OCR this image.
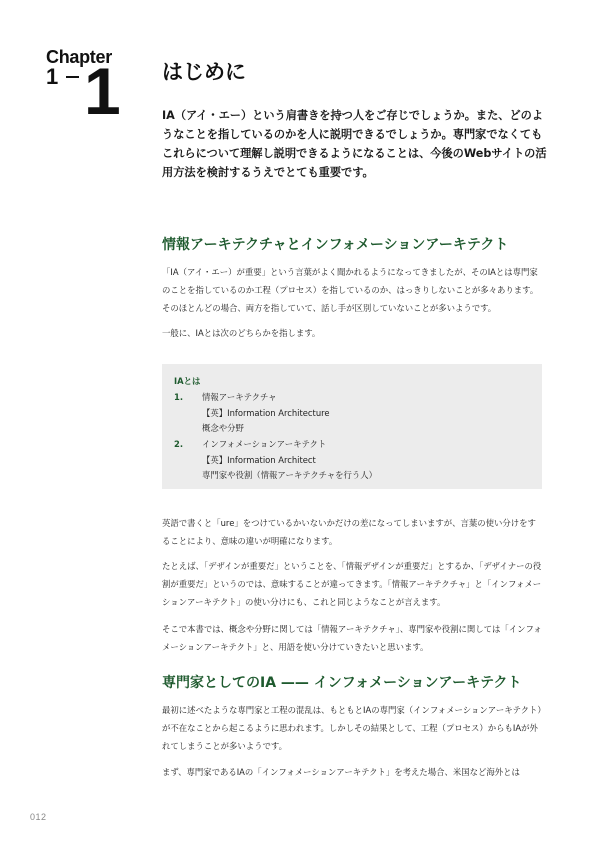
Chapter
1 1 はじめに

IA（アイ・エー）という肩書きを持つ人をご存じでしょうか。また、どのようなことを指しているのかを人に説明できるでしょうか。専門家でなくてもこれらについて理解し説明できるようになることは、今後のWebサイトの活用方法を検討するうえでとても重要です。

情報アーキテクチャとインフォメーションアーキテクト

「IA（アイ・エー）が重要」という言葉がよく聞かれるようになってきましたが、そのIAとは専門家のことを指しているのか工程（プロセス）を指しているのか、はっきりしないことが多々あります。そのほとんどの場合、両方を指していて、話し手が区別していないことが多いようです。

一般に、IAとは次のどちらかを指します。

IAとは
1. 情報アーキテクチャ
【英】Information Architecture
概念や分野
2. インフォメーションアーキテクト
【英】Information Architect
専門家や役割（情報アーキテクチャを行う人）

英語で書くと「ure」をつけているかいないかだけの差になってしまいますが、言葉の使い分けをすることにより、意味の違いが明確になります。

たとえば、「デザインが重要だ」ということを、「情報デザインが重要だ」とするか、「デザイナーの役割が重要だ」というのでは、意味することが違ってきます。「情報アーキテクチャ」と「インフォメーションアーキテクト」の使い分けにも、これと同じようなことが言えます。

そこで本書では、概念や分野に関しては「情報アーキテクチャ」、専門家や役割に関しては「インフォメーションアーキテクト」と、用語を使い分けていきたいと思います。

専門家としてのIA —— インフォメーションアーキテクト

最初に述べたような専門家と工程の混乱は、もともとIAの専門家（インフォメーションアーキテクト）が不在なことから起こるように思われます。しかしその結果として、工程（プロセス）からもIAが外れてしまうことが多いようです。

まず、専門家であるIAの「インフォメーションアーキテクト」を考えた場合、米国など海外とは

012
